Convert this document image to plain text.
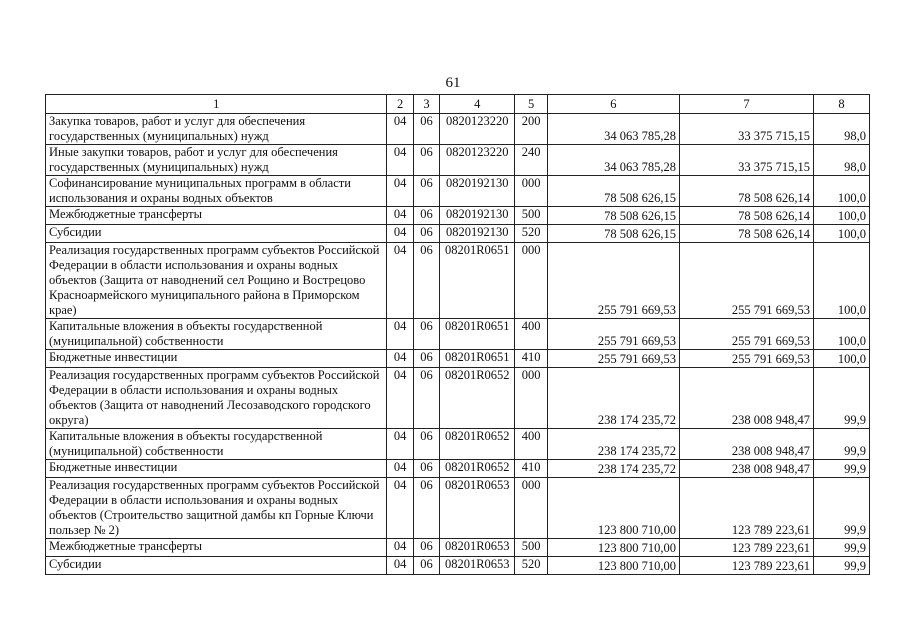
61
1	2	3	4	5	6	7	8
Закупка товаров, работ и услуг для обеспечения государственных (муниципальных) нужд	04	06	0820123220	200	34 063 785,28	33 375 715,15	98,0
Иные закупки товаров, работ и услуг для обеспечения государственных (муниципальных) нужд	04	06	0820123220	240	34 063 785,28	33 375 715,15	98,0
Софинансирование муниципальных программ в области использования и охраны водных объектов	04	06	0820192130	000	78 508 626,15	78 508 626,14	100,0
Межбюджетные трансферты	04	06	0820192130	500	78 508 626,15	78 508 626,14	100,0
Субсидии	04	06	0820192130	520	78 508 626,15	78 508 626,14	100,0
Реализация государственных программ субъектов Российской Федерации в области использования и охраны водных объектов (Защита от наводнений сел Рощино и Вострецово Красноармейского муниципального района в Приморском крае)	04	06	08201R0651	000	255 791 669,53	255 791 669,53	100,0
Капитальные вложения в объекты государственной (муниципальной) собственности	04	06	08201R0651	400	255 791 669,53	255 791 669,53	100,0
Бюджетные инвестиции	04	06	08201R0651	410	255 791 669,53	255 791 669,53	100,0
Реализация государственных программ субъектов Российской Федерации в области использования и охраны водных объектов (Защита от наводнений Лесозаводского городского округа)	04	06	08201R0652	000	238 174 235,72	238 008 948,47	99,9
Капитальные вложения в объекты государственной (муниципальной) собственности	04	06	08201R0652	400	238 174 235,72	238 008 948,47	99,9
Бюджетные инвестиции	04	06	08201R0652	410	238 174 235,72	238 008 948,47	99,9
Реализация государственных программ субъектов Российской Федерации в области использования и охраны водных объектов (Строительство защитной дамбы кп Горные Ключи пользер № 2)	04	06	08201R0653	000	123 800 710,00	123 789 223,61	99,9
Межбюджетные трансферты	04	06	08201R0653	500	123 800 710,00	123 789 223,61	99,9
Субсидии	04	06	08201R0653	520	123 800 710,00	123 789 223,61	99,9
